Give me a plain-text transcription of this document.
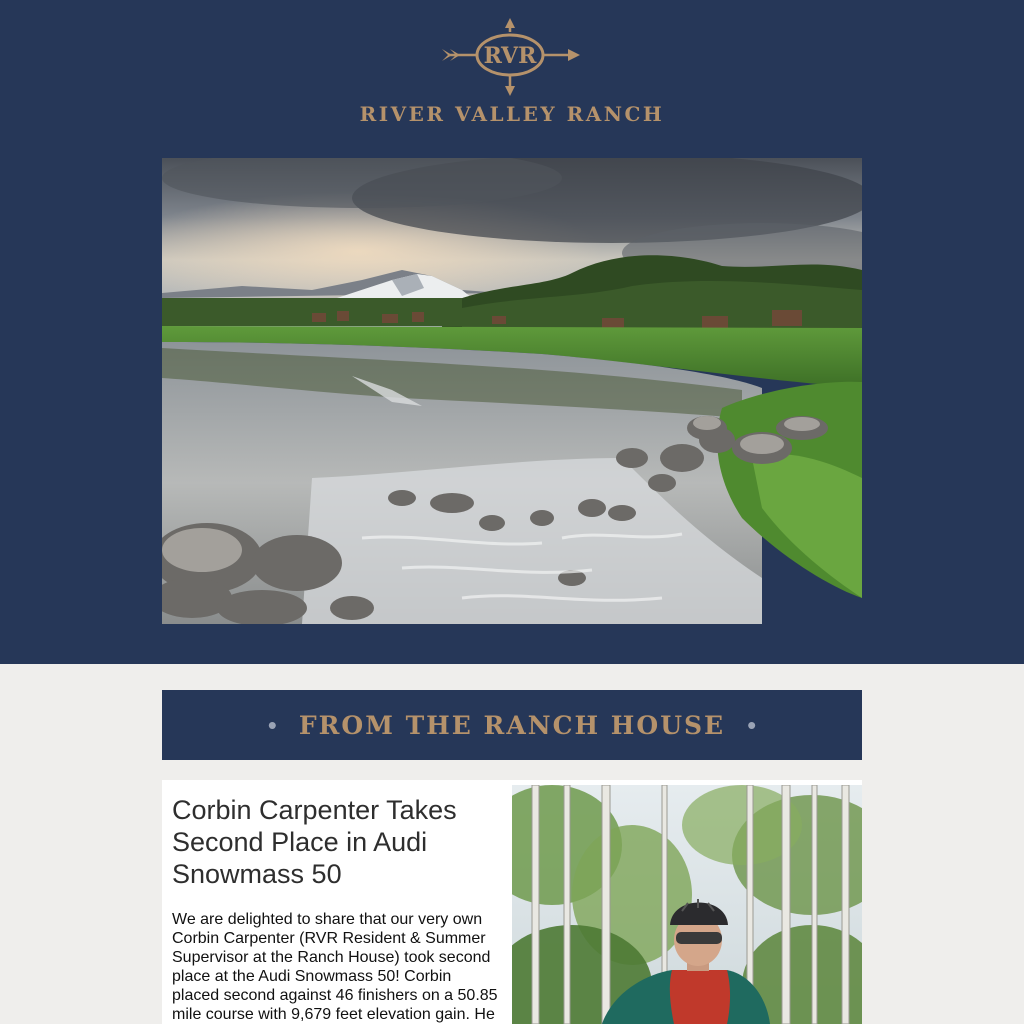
RVR
RIVER VALLEY RANCH
• FROM THE RANCH HOUSE •
Corbin Carpenter Takes Second Place in Audi Snowmass 50

We are delighted to share that our very own Corbin Carpenter (RVR Resident & Summer Supervisor at the Ranch House) took second place at the Audi Snowmass 50! Corbin placed second against 46 finishers on a 50.85 mile course with 9,679 feet elevation gain. He
